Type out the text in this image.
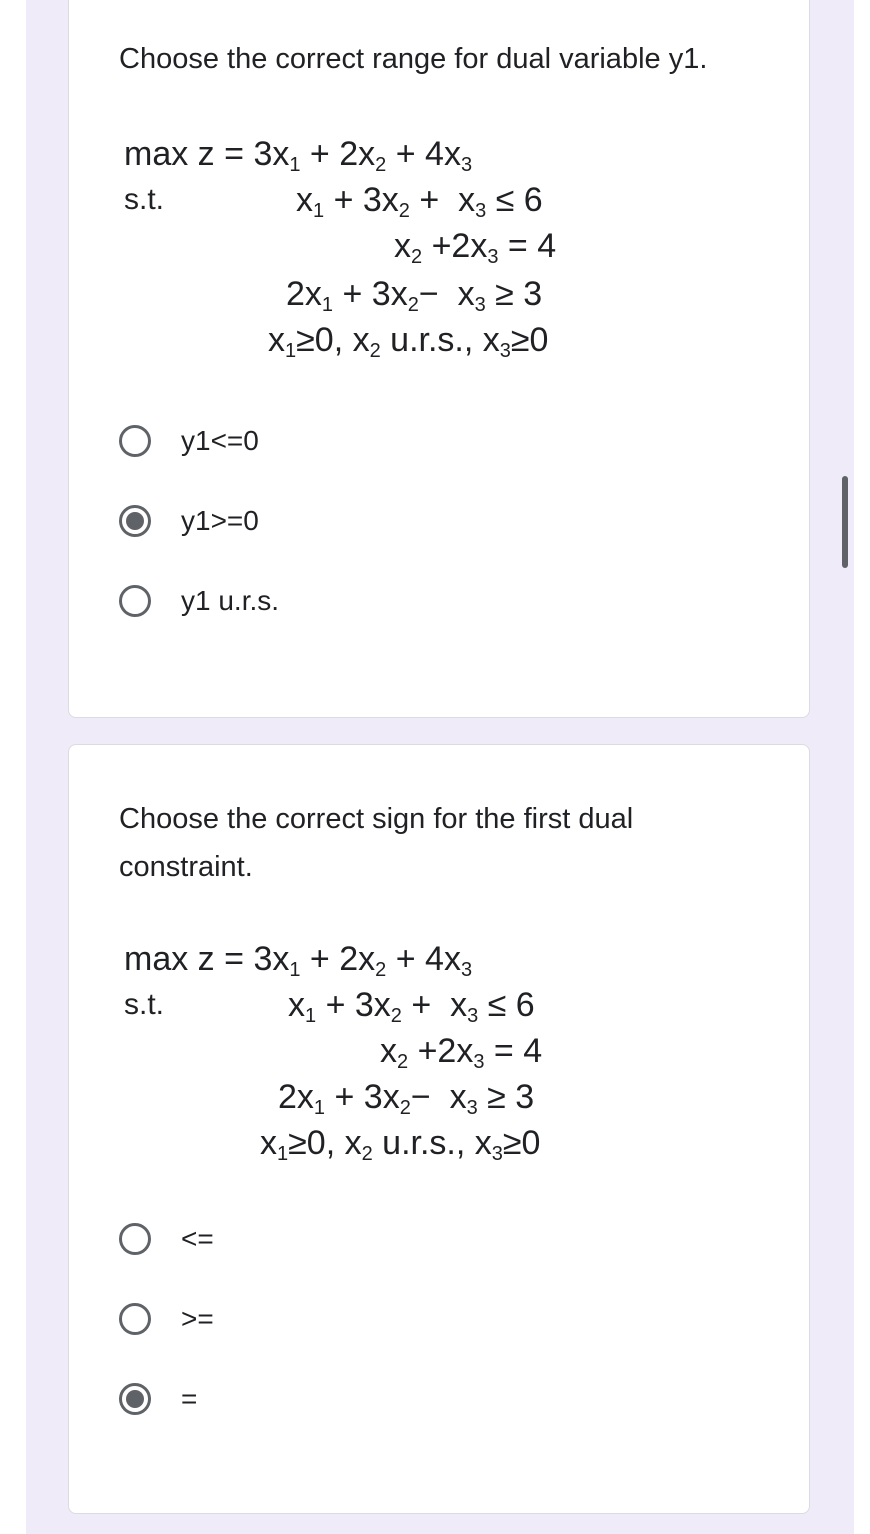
Choose the correct range for dual variable y1.
y1<=0
y1>=0
y1 u.r.s.
$\max z = 3x_1 + 2x_2 + 4x_3$
s.t.	$x_1 + 3x_2 + x_3 \le 6$
$x_2 +2x_3 = 4$
$2x_1 + 3x_2- x_3 \ge 3$
$x_1\ge 0$, $x_2$ u.r.s., $x_3\ge 0$
Choose the correct sign for the first dual constraint.
<=
>=
=
$\max z = 3x_1 + 2x_2 + 4x_3$
s.t.	$x_1 + 3x_2 + x_3 \le 6$
$x_2 +2x_3 = 4$
$2x_1 + 3x_2- x_3 \ge 3$
$x_1\ge 0$, $x_2$ u.r.s., $x_3\ge 0$
